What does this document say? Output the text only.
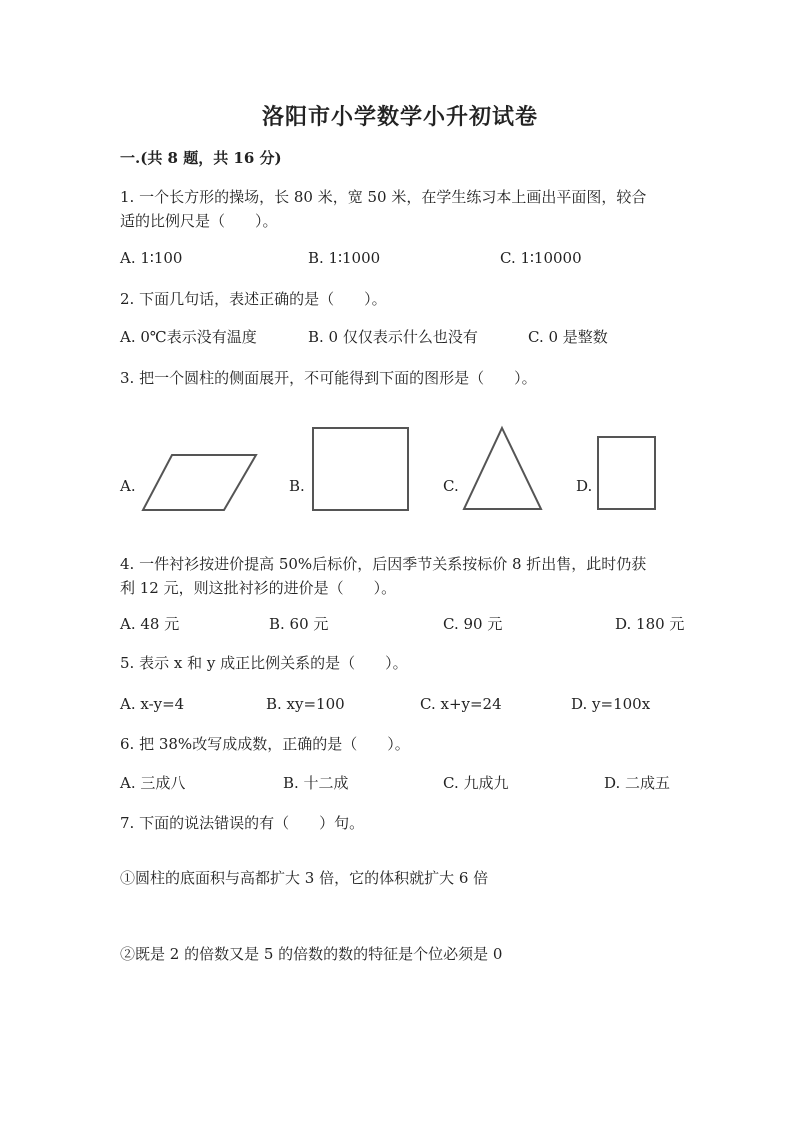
洛阳市小学数学小升初试卷
一.(共 8 题，共 16 分)
1. 一个长方形的操场，长 80 米，宽 50 米，在学生练习本上画出平面图，较合
适的比例尺是（　　）。
A. 1∶100	B. 1∶1000	C. 1∶10000
2. 下面几句话，表述正确的是（　　）。
A. 0℃表示没有温度	B. 0 仅仅表示什么也没有	C. 0 是整数
3. 把一个圆柱的侧面展开，不可能得到下面的图形是（　　）。
A.	B.	C.	D.
4. 一件衬衫按进价提高 50%后标价，后因季节关系按标价 8 折出售，此时仍获
利 12 元，则这批衬衫的进价是（　　）。
A. 48 元	B. 60 元	C. 90 元	D. 180 元
5. 表示 x 和 y 成正比例关系的是（　　）。
A. x-y=4	B. xy=100	C. x+y=24	D. y=100x
6. 把 38%改写成成数，正确的是（　　）。
A. 三成八	B. 十二成	C. 九成九	D. 二成五
7. 下面的说法错误的有（　　）句。
①圆柱的底面积与高都扩大 3 倍，它的体积就扩大 6 倍
②既是 2 的倍数又是 5 的倍数的数的特征是个位必须是 0
